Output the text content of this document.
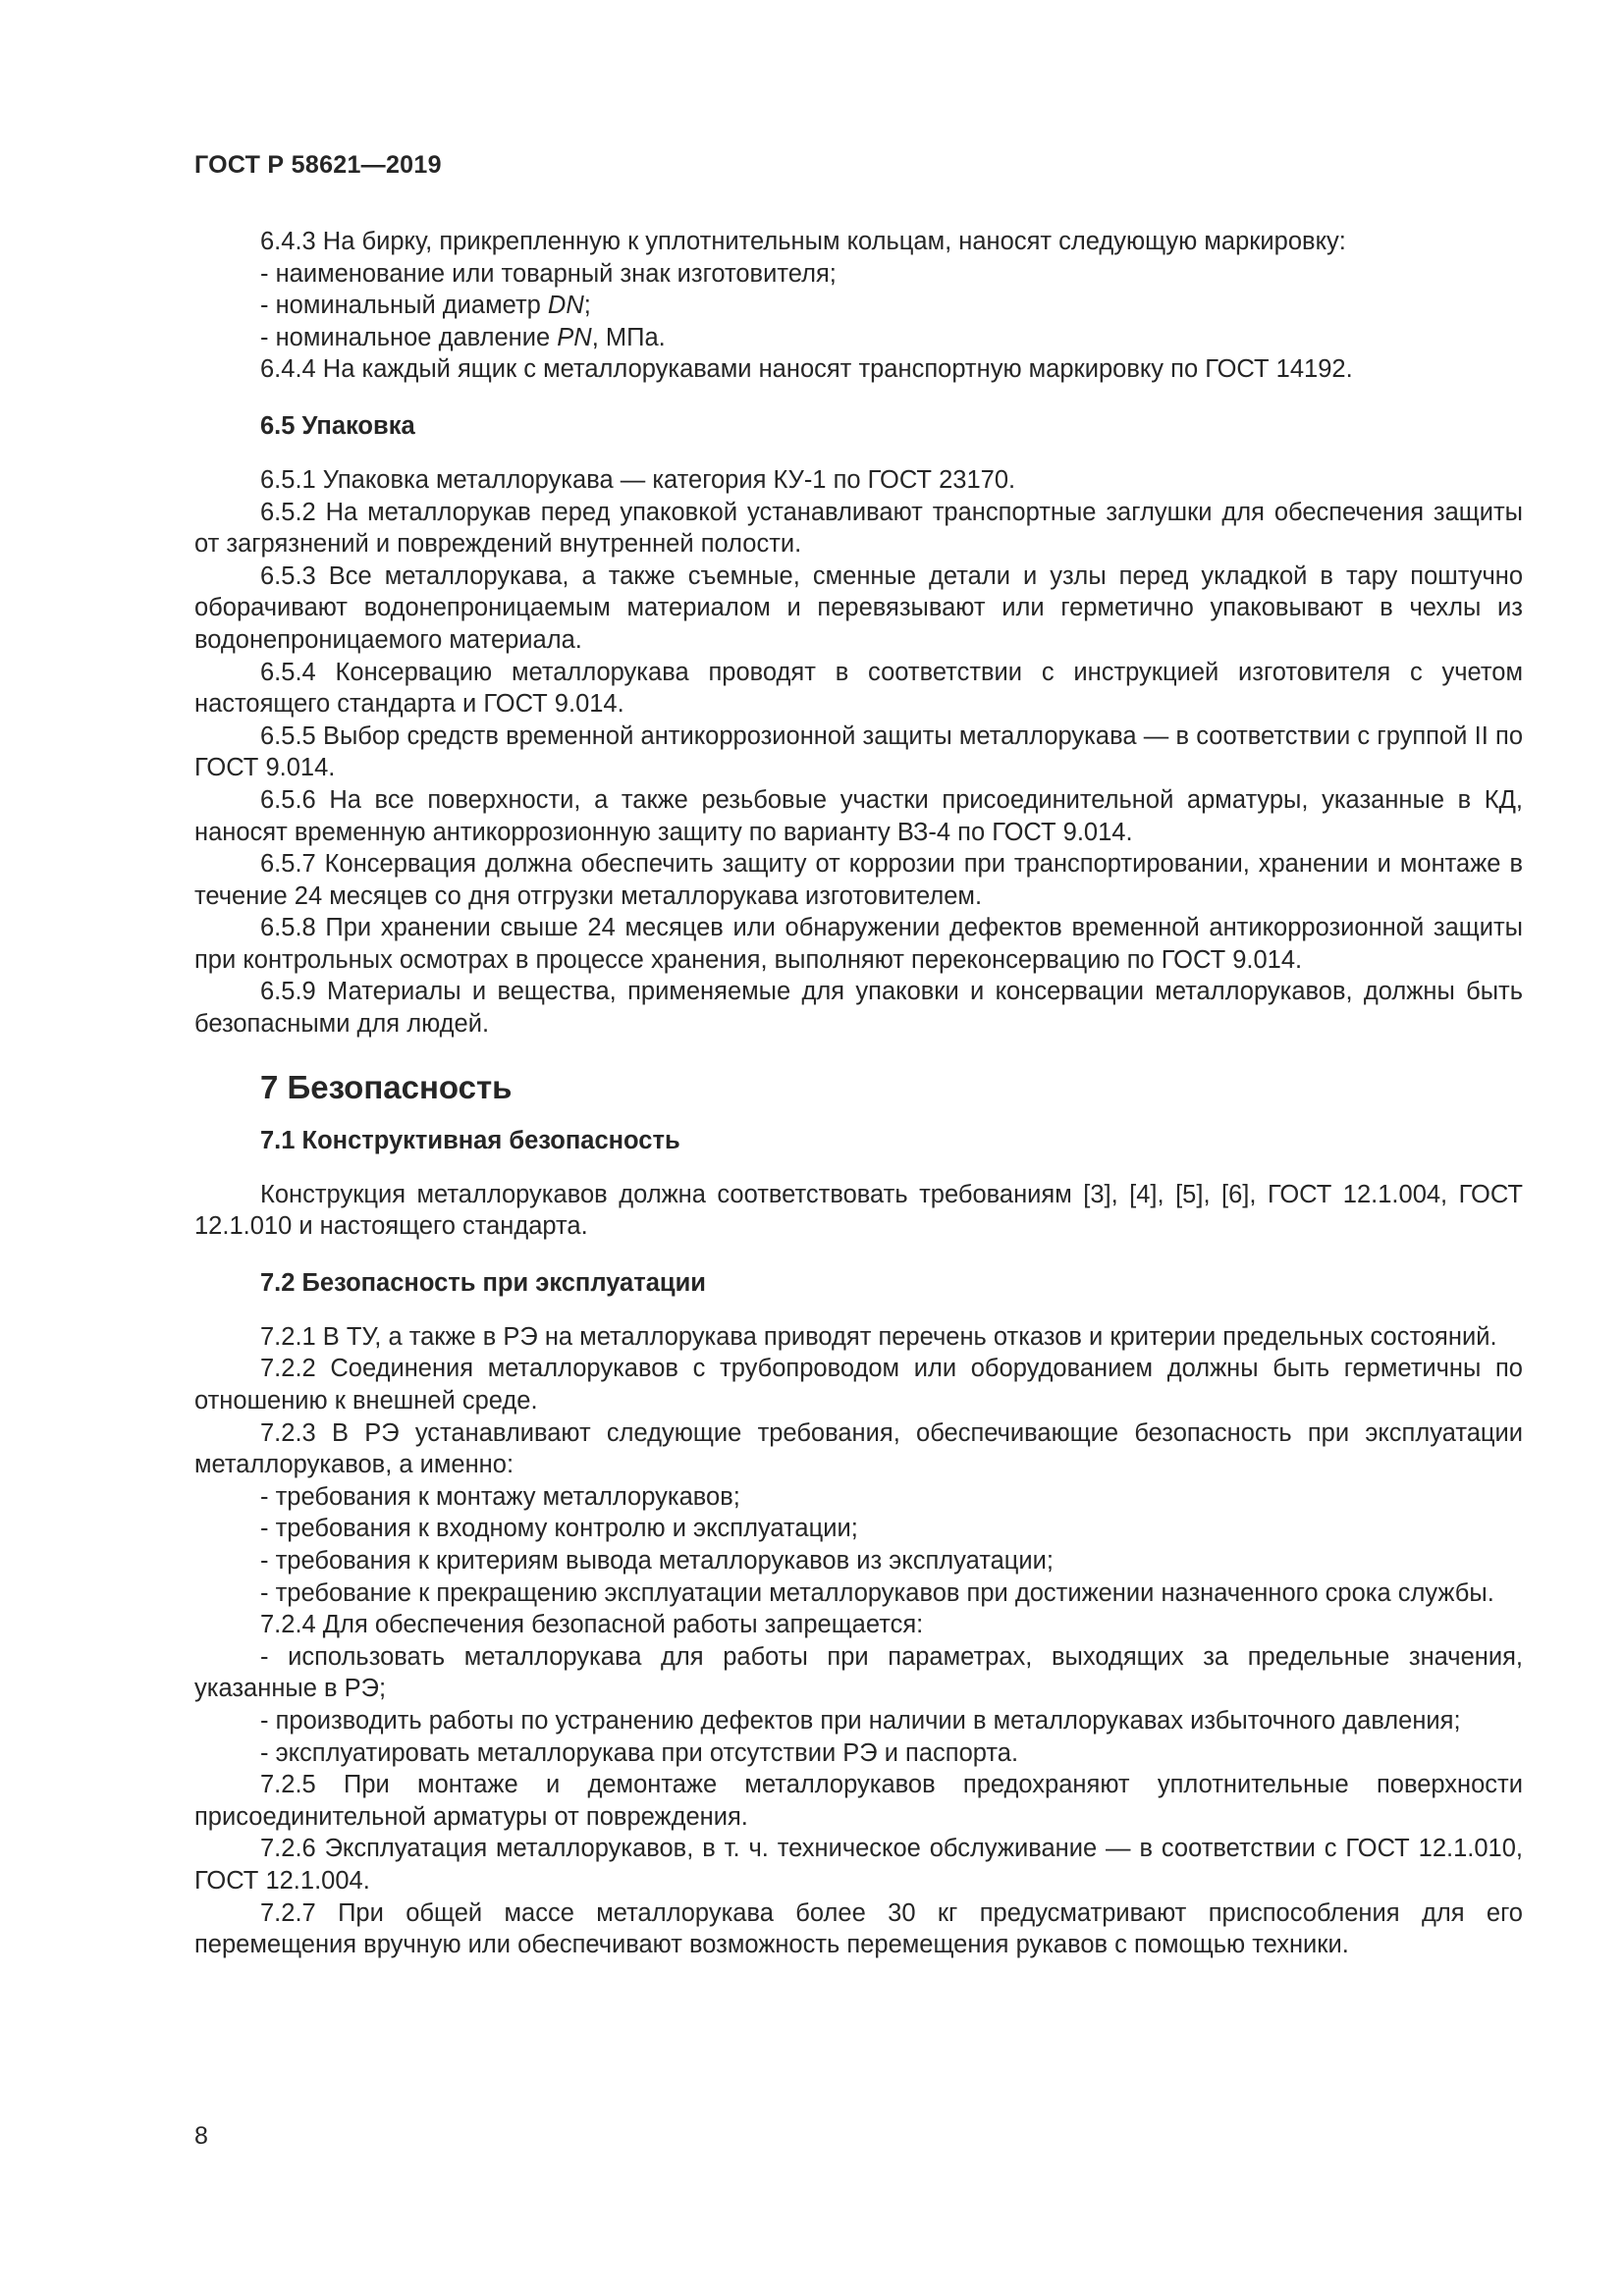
ГОСТ Р 58621—2019

6.4.3 На бирку, прикрепленную к уплотнительным кольцам, наносят следующую маркировку:

- наименование или товарный знак изготовителя;

- номинальный диаметр DN;

- номинальное давление PN, МПа.

6.4.4 На каждый ящик с металлорукавами наносят транспортную маркировку по ГОСТ 14192.

6.5 Упаковка

6.5.1 Упаковка металлорукава — категория КУ-1 по ГОСТ 23170.

6.5.2 На металлорукав перед упаковкой устанавливают транспортные заглушки для обеспечения защиты от загрязнений и повреждений внутренней полости.

6.5.3 Все металлорукава, а также съемные, сменные детали и узлы перед укладкой в тару поштучно оборачивают водонепроницаемым материалом и перевязывают или герметично упаковывают в чехлы из водонепроницаемого материала.

6.5.4 Консервацию металлорукава проводят в соответствии с инструкцией изготовителя с учетом настоящего стандарта и ГОСТ 9.014.

6.5.5 Выбор средств временной антикоррозионной защиты металлорукава — в соответствии с группой II по ГОСТ 9.014.

6.5.6 На все поверхности, а также резьбовые участки присоединительной арматуры, указанные в КД, наносят временную антикоррозионную защиту по варианту ВЗ-4 по ГОСТ 9.014.

6.5.7 Консервация должна обеспечить защиту от коррозии при транспортировании, хранении и монтаже в течение 24 месяцев со дня отгрузки металлорукава изготовителем.

6.5.8 При хранении свыше 24 месяцев или обнаружении дефектов временной антикоррозионной защиты при контрольных осмотрах в процессе хранения, выполняют переконсервацию по ГОСТ 9.014.

6.5.9 Материалы и вещества, применяемые для упаковки и консервации металлорукавов, должны быть безопасными для людей.

7 Безопасность
7.1 Конструктивная безопасность

Конструкция металлорукавов должна соответствовать требованиям [3], [4], [5], [6], ГОСТ 12.1.004, ГОСТ 12.1.010 и настоящего стандарта.

7.2 Безопасность при эксплуатации

7.2.1 В ТУ, а также в РЭ на металлорукава приводят перечень отказов и критерии предельных состояний.

7.2.2 Соединения металлорукавов с трубопроводом или оборудованием должны быть герметичны по отношению к внешней среде.

7.2.3 В РЭ устанавливают следующие требования, обеспечивающие безопасность при эксплуатации металлорукавов, а именно:

- требования к монтажу металлорукавов;

- требования к входному контролю и эксплуатации;

- требования к критериям вывода металлорукавов из эксплуатации;

- требование к прекращению эксплуатации металлорукавов при достижении назначенного срока службы.

7.2.4 Для обеспечения безопасной работы запрещается:

- использовать металлорукава для работы при параметрах, выходящих за предельные значения, указанные в РЭ;

- производить работы по устранению дефектов при наличии в металлорукавах избыточного давления;

- эксплуатировать металлорукава при отсутствии РЭ и паспорта.

7.2.5 При монтаже и демонтаже металлорукавов предохраняют уплотнительные поверхности присоединительной арматуры от повреждения.

7.2.6 Эксплуатация металлорукавов, в т. ч. техническое обслуживание — в соответствии с ГОСТ 12.1.010, ГОСТ 12.1.004.

7.2.7 При общей массе металлорукава более 30 кг предусматривают приспособления для его перемещения вручную или обеспечивают возможность перемещения рукавов с помощью техники.

8
